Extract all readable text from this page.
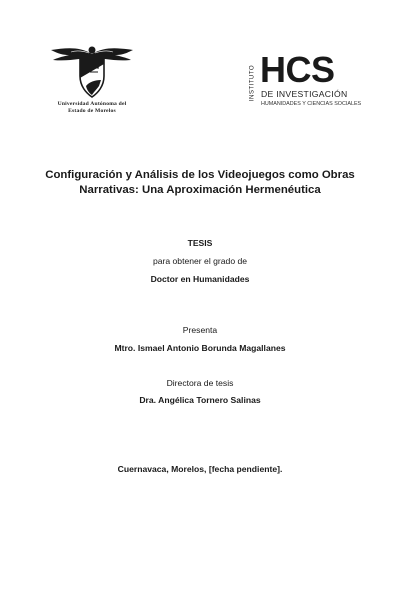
Universidad Autónoma del
Estado de Morelos
INSTITUTO HCS
DE INVESTIGACIÓN
HUMANIDADES Y CIENCIAS SOCIALES
Configuración y Análisis de los Videojuegos como Obras
Narrativas: Una Aproximación Hermenéutica
TESIS
para obtener el grado de
Doctor en Humanidades
Presenta
Mtro. Ismael Antonio Borunda Magallanes
Directora de tesis
Dra. Angélica Tornero Salinas
Cuernavaca, Morelos, [fecha pendiente].
